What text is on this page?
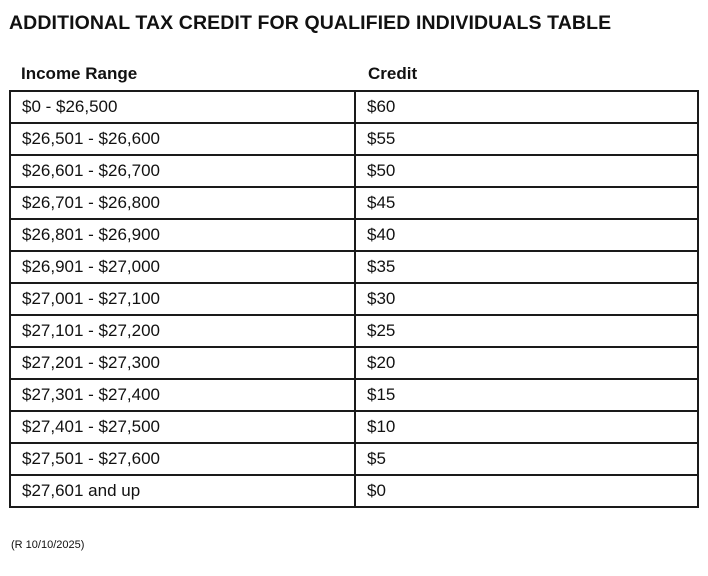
ADDITIONAL TAX CREDIT FOR QUALIFIED INDIVIDUALS TABLE
Income Range	Credit
$0 - $26,500	$60
$26,501 - $26,600	$55
$26,601 - $26,700	$50
$26,701 - $26,800	$45
$26,801 - $26,900	$40
$26,901 - $27,000	$35
$27,001 - $27,100	$30
$27,101 - $27,200	$25
$27,201 - $27,300	$20
$27,301 - $27,400	$15
$27,401 - $27,500	$10
$27,501 - $27,600	$5
$27,601 and up	$0
(R 10/10/2025)
